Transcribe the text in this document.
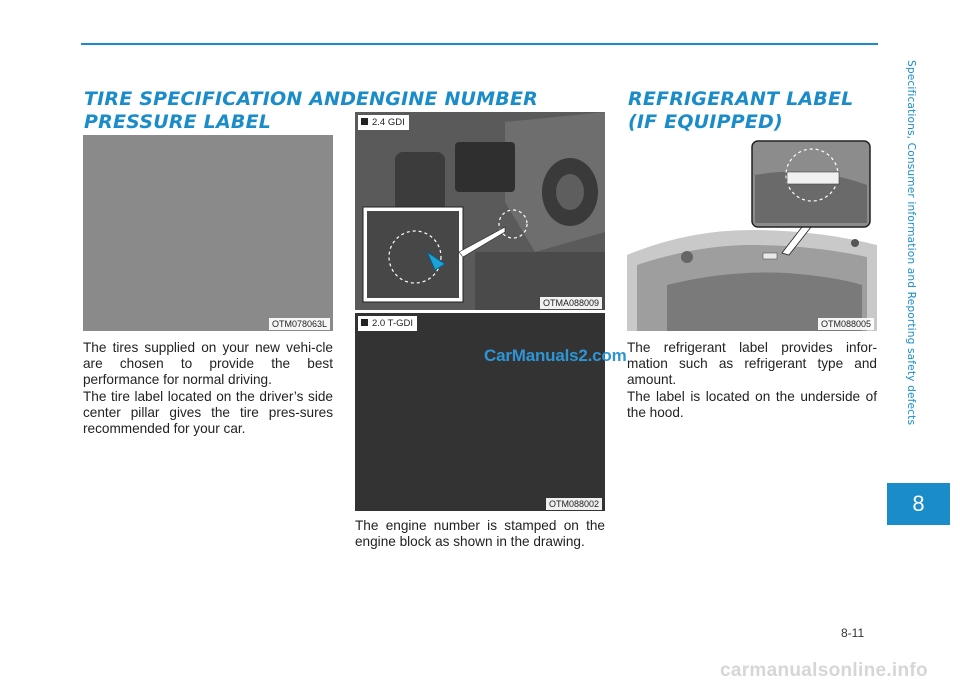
TIRE SPECIFICATION AND
PRESSURE LABEL
OTM078063L

The tires supplied on your new vehi-cle are chosen to provide the best performance for normal driving.

The tire label located on the driver’s side center pillar gives the tire pres-sures recommended for your car.

ENGINE NUMBER
2.4 GDI
OTMA088009
2.0 T-GDI
OTM088002

The engine number is stamped on the engine block as shown in the drawing.

REFRIGERANT LABEL
(IF EQUIPPED)
OTM088005

The refrigerant label provides infor-mation such as refrigerant type and amount.

The label is located on the underside of the hood.	Specifications, Consumer information and Reporting safety defects
8
8-11
CarManuals2.com
carmanualsonline.info
